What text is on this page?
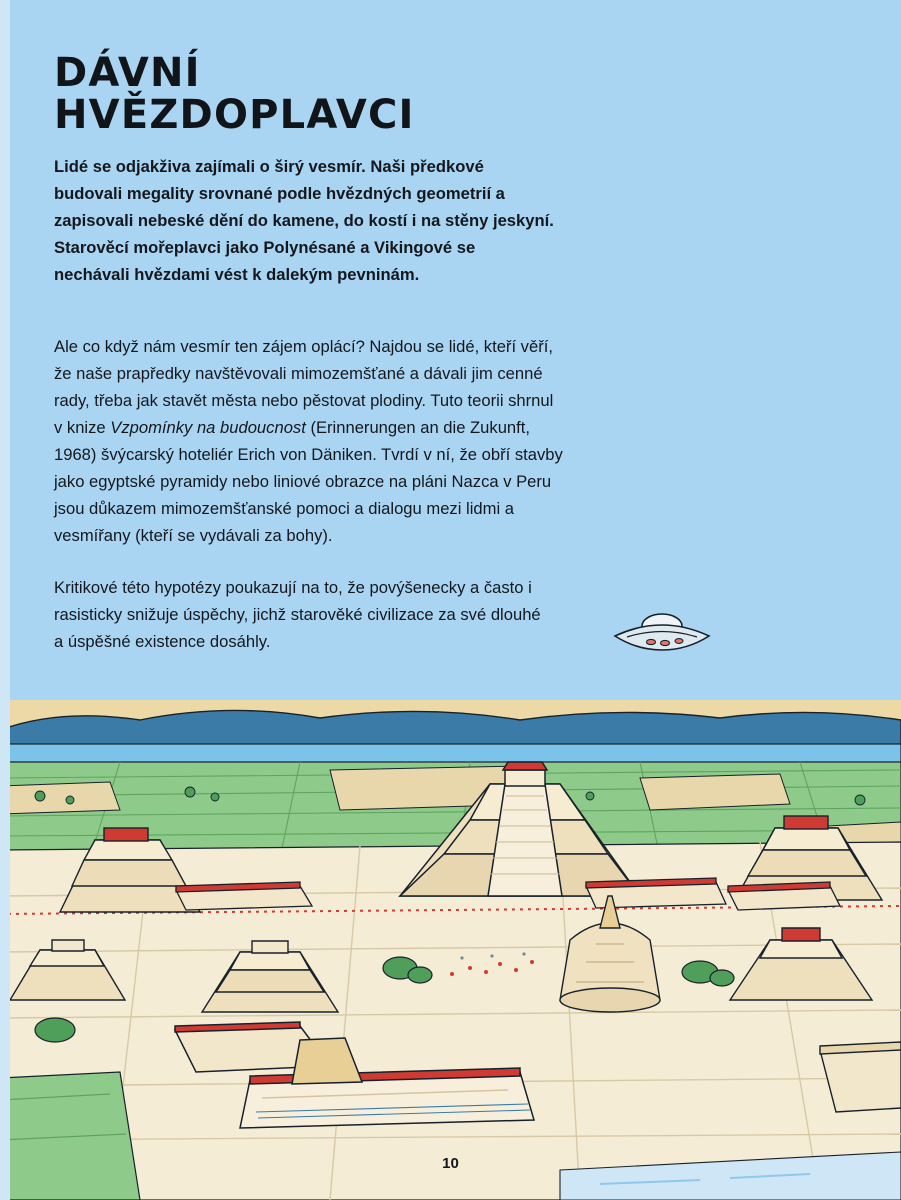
DÁVNÍ HVĚZDOPLAVCI

Lidé se odjakživa zajímali o širý vesmír. Naši předkové budovali megality srovnané podle hvězdných geometrií a zapisovali nebeské dění do kamene, do kostí i na stěny jeskyní. Starověcí mořeplavci jako Polynésané a Vikingové se nechávali hvězdami vést k dalekým pevninám.

Ale co když nám vesmír ten zájem oplácí? Najdou se lidé, kteří věří, že naše prapředky navštěvovali mimozemšťané a dávali jim cenné rady, třeba jak stavět města nebo pěstovat plodiny. Tuto teorii shrnul v knize Vzpomínky na budoucnost (Erinnerungen an die Zukunft, 1968) švýcarský hoteliér Erich von Däniken. Tvrdí v ní, že obří stavby jako egyptské pyramidy nebo liniové obrazce na pláni Nazca v Peru jsou důkazem mimozemšťanské pomoci a dialogu mezi lidmi a vesmířany (kteří se vydávali za bohy).

Kritikové této hypotézy poukazují na to, že povýšenecky a často i rasisticky snižuje úspěchy, jichž starověké civilizace za své dlouhé a úspěšné existence dosáhly.

10
